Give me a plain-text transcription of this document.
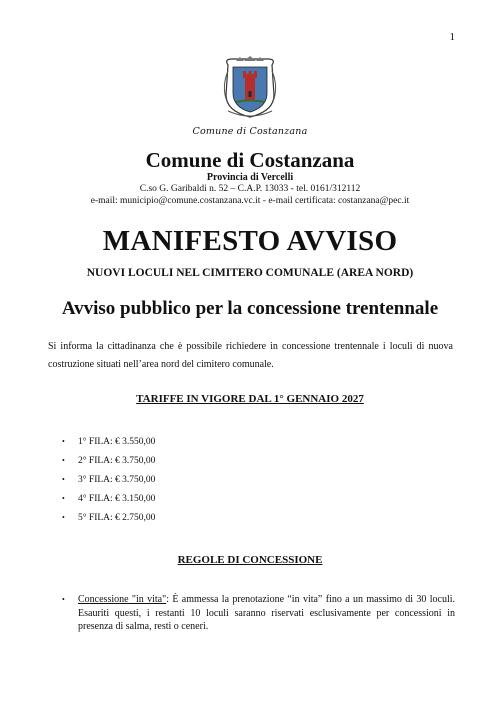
1
Comune di Costanzana
Comune di Costanzana
Provincia di Vercelli
C.so G. Garibaldi n. 52 – C.A.P. 13033 - tel. 0161/312112
e-mail: municipio@comune.costanzana.vc.it - e-mail certificata: costanzana@pec.it
MANIFESTO AVVISO
NUOVI LOCULI NEL CIMITERO COMUNALE (AREA NORD)
Avviso pubblico per la concessione trentennale
Si informa la cittadinanza che è possibile richiedere in concessione trentennale i loculi di nuova costruzione situati nell’area nord del cimitero comunale.
TARIFFE IN VIGORE DAL 1° GENNAIO 2027
• 1° FILA: € 3.550,00
• 2° FILA: € 3.750,00
• 3° FILA: € 3.750,00
• 4° FILA: € 3.150,00
• 5° FILA: € 2.750,00
REGOLE DI CONCESSIONE
• Concessione "in vita": È ammessa la prenotazione “in vita” fino a un massimo di 30 loculi. Esauriti questi, i restanti 10 loculi saranno riservati esclusivamente per concessioni in presenza di salma, resti o ceneri.
